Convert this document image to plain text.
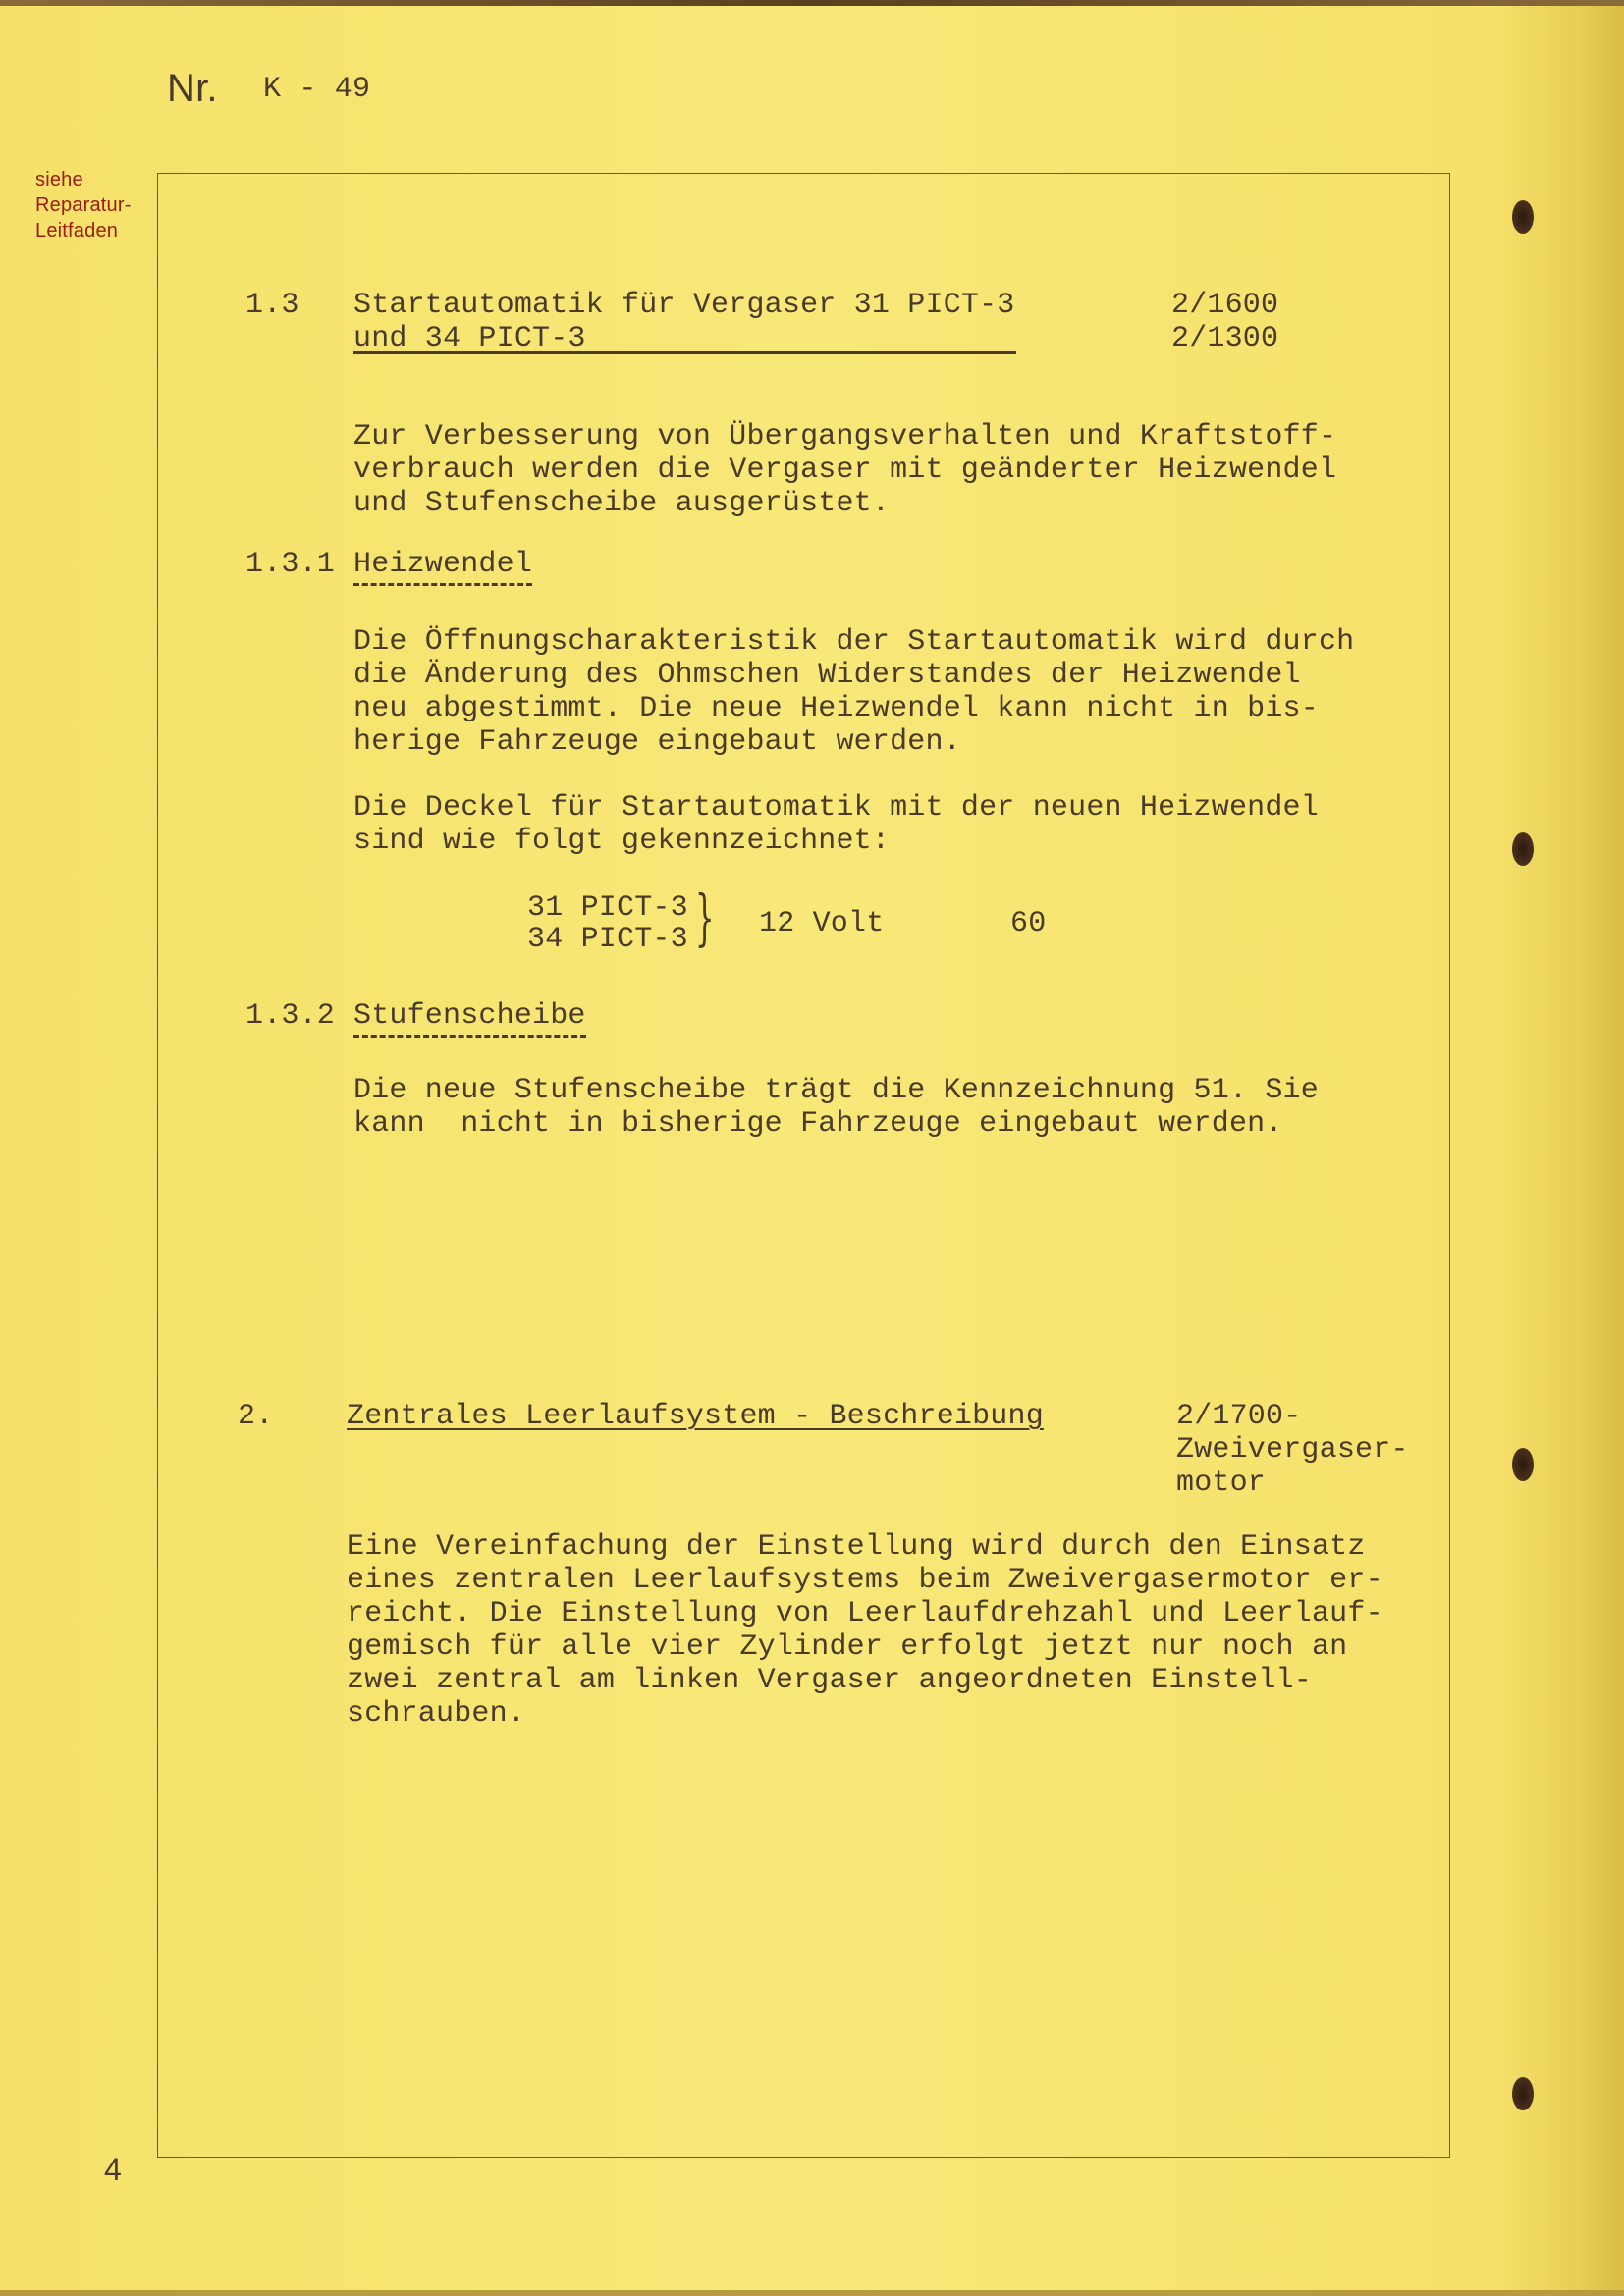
Nr. K - 49
siehe
Reparatur-
Leitfaden
1.3 Startautomatik für Vergaser 31 PICT-3
und 34 PICT-3
2/1600
2/1300
Zur Verbesserung von Übergangsverhalten und Kraftstoff-
verbrauch werden die Vergaser mit geänderter Heizwendel
und Stufenscheibe ausgerüstet.
1.3.1 Heizwendel
Die Öffnungscharakteristik der Startautomatik wird durch
die Änderung des Ohmschen Widerstandes der Heizwendel
neu abgestimmt. Die neue Heizwendel kann nicht in bis-
herige Fahrzeuge eingebaut werden.
Die Deckel für Startautomatik mit der neuen Heizwendel
sind wie folgt gekennzeichnet:
31 PICT-3
34 PICT-3 } 12 Volt	60
1.3.2 Stufenscheibe
Die neue Stufenscheibe trägt die Kennzeichnung 51. Sie
kann  nicht in bisherige Fahrzeuge eingebaut werden.
2. Zentrales Leerlaufsystem - Beschreibung	2/1700-
Zweivergaser-
motor
Eine Vereinfachung der Einstellung wird durch den Einsatz
eines zentralen Leerlaufsystems beim Zweivergasermotor er-
reicht. Die Einstellung von Leerlaufdrehzahl und Leerlauf-
gemisch für alle vier Zylinder erfolgt jetzt nur noch an
zwei zentral am linken Vergaser angeordneten Einstell-
schrauben.
4
